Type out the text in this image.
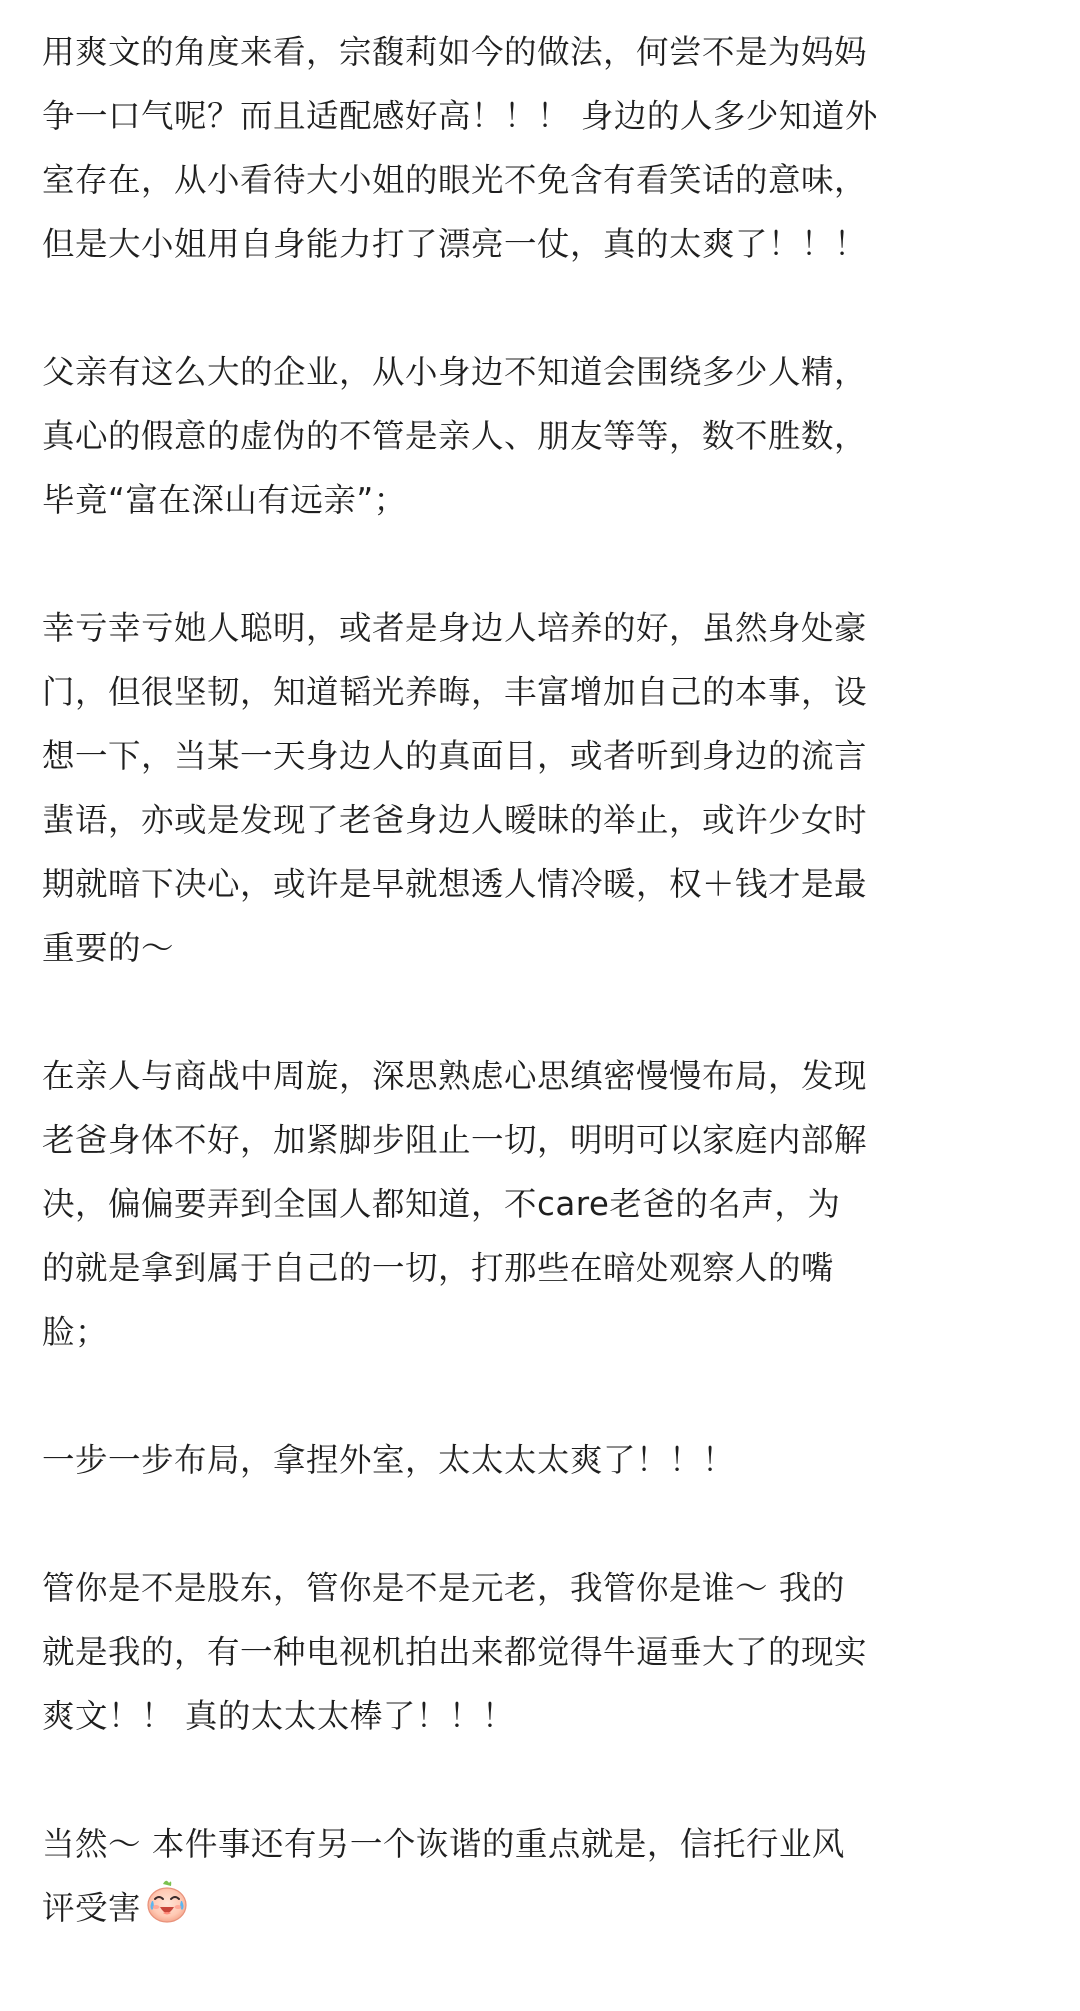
用爽文的角度来看，宗馥莉如今的做法，何尝不是为妈妈
争一口气呢？而且适配感好高！！！ 身边的人多少知道外
室存在，从小看待大小姐的眼光不免含有看笑话的意味，
但是大小姐用自身能力打了漂亮一仗，真的太爽了！！！

父亲有这么大的企业，从小身边不知道会围绕多少人精，
真心的假意的虚伪的不管是亲人、朋友等等，数不胜数，
毕竟“富在深山有远亲”；

幸亏幸亏她人聪明，或者是身边人培养的好，虽然身处豪
门，但很坚韧，知道韬光养晦，丰富增加自己的本事，设
想一下，当某一天身边人的真面目，或者听到身边的流言
蜚语，亦或是发现了老爸身边人暧昧的举止，或许少女时
期就暗下决心，或许是早就想透人情冷暖，权＋钱才是最
重要的～

在亲人与商战中周旋，深思熟虑心思缜密慢慢布局，发现
老爸身体不好，加紧脚步阻止一切，明明可以家庭内部解
决，偏偏要弄到全国人都知道，不care老爸的名声，为
的就是拿到属于自己的一切，打那些在暗处观察人的嘴
脸；

一步一步布局，拿捏外室，太太太太爽了！！！

管你是不是股东，管你是不是元老，我管你是谁～ 我的
就是我的，有一种电视机拍出来都觉得牛逼垂大了的现实
爽文！！ 真的太太太棒了！！！

当然～ 本件事还有另一个诙谐的重点就是，信托行业风
评受害
